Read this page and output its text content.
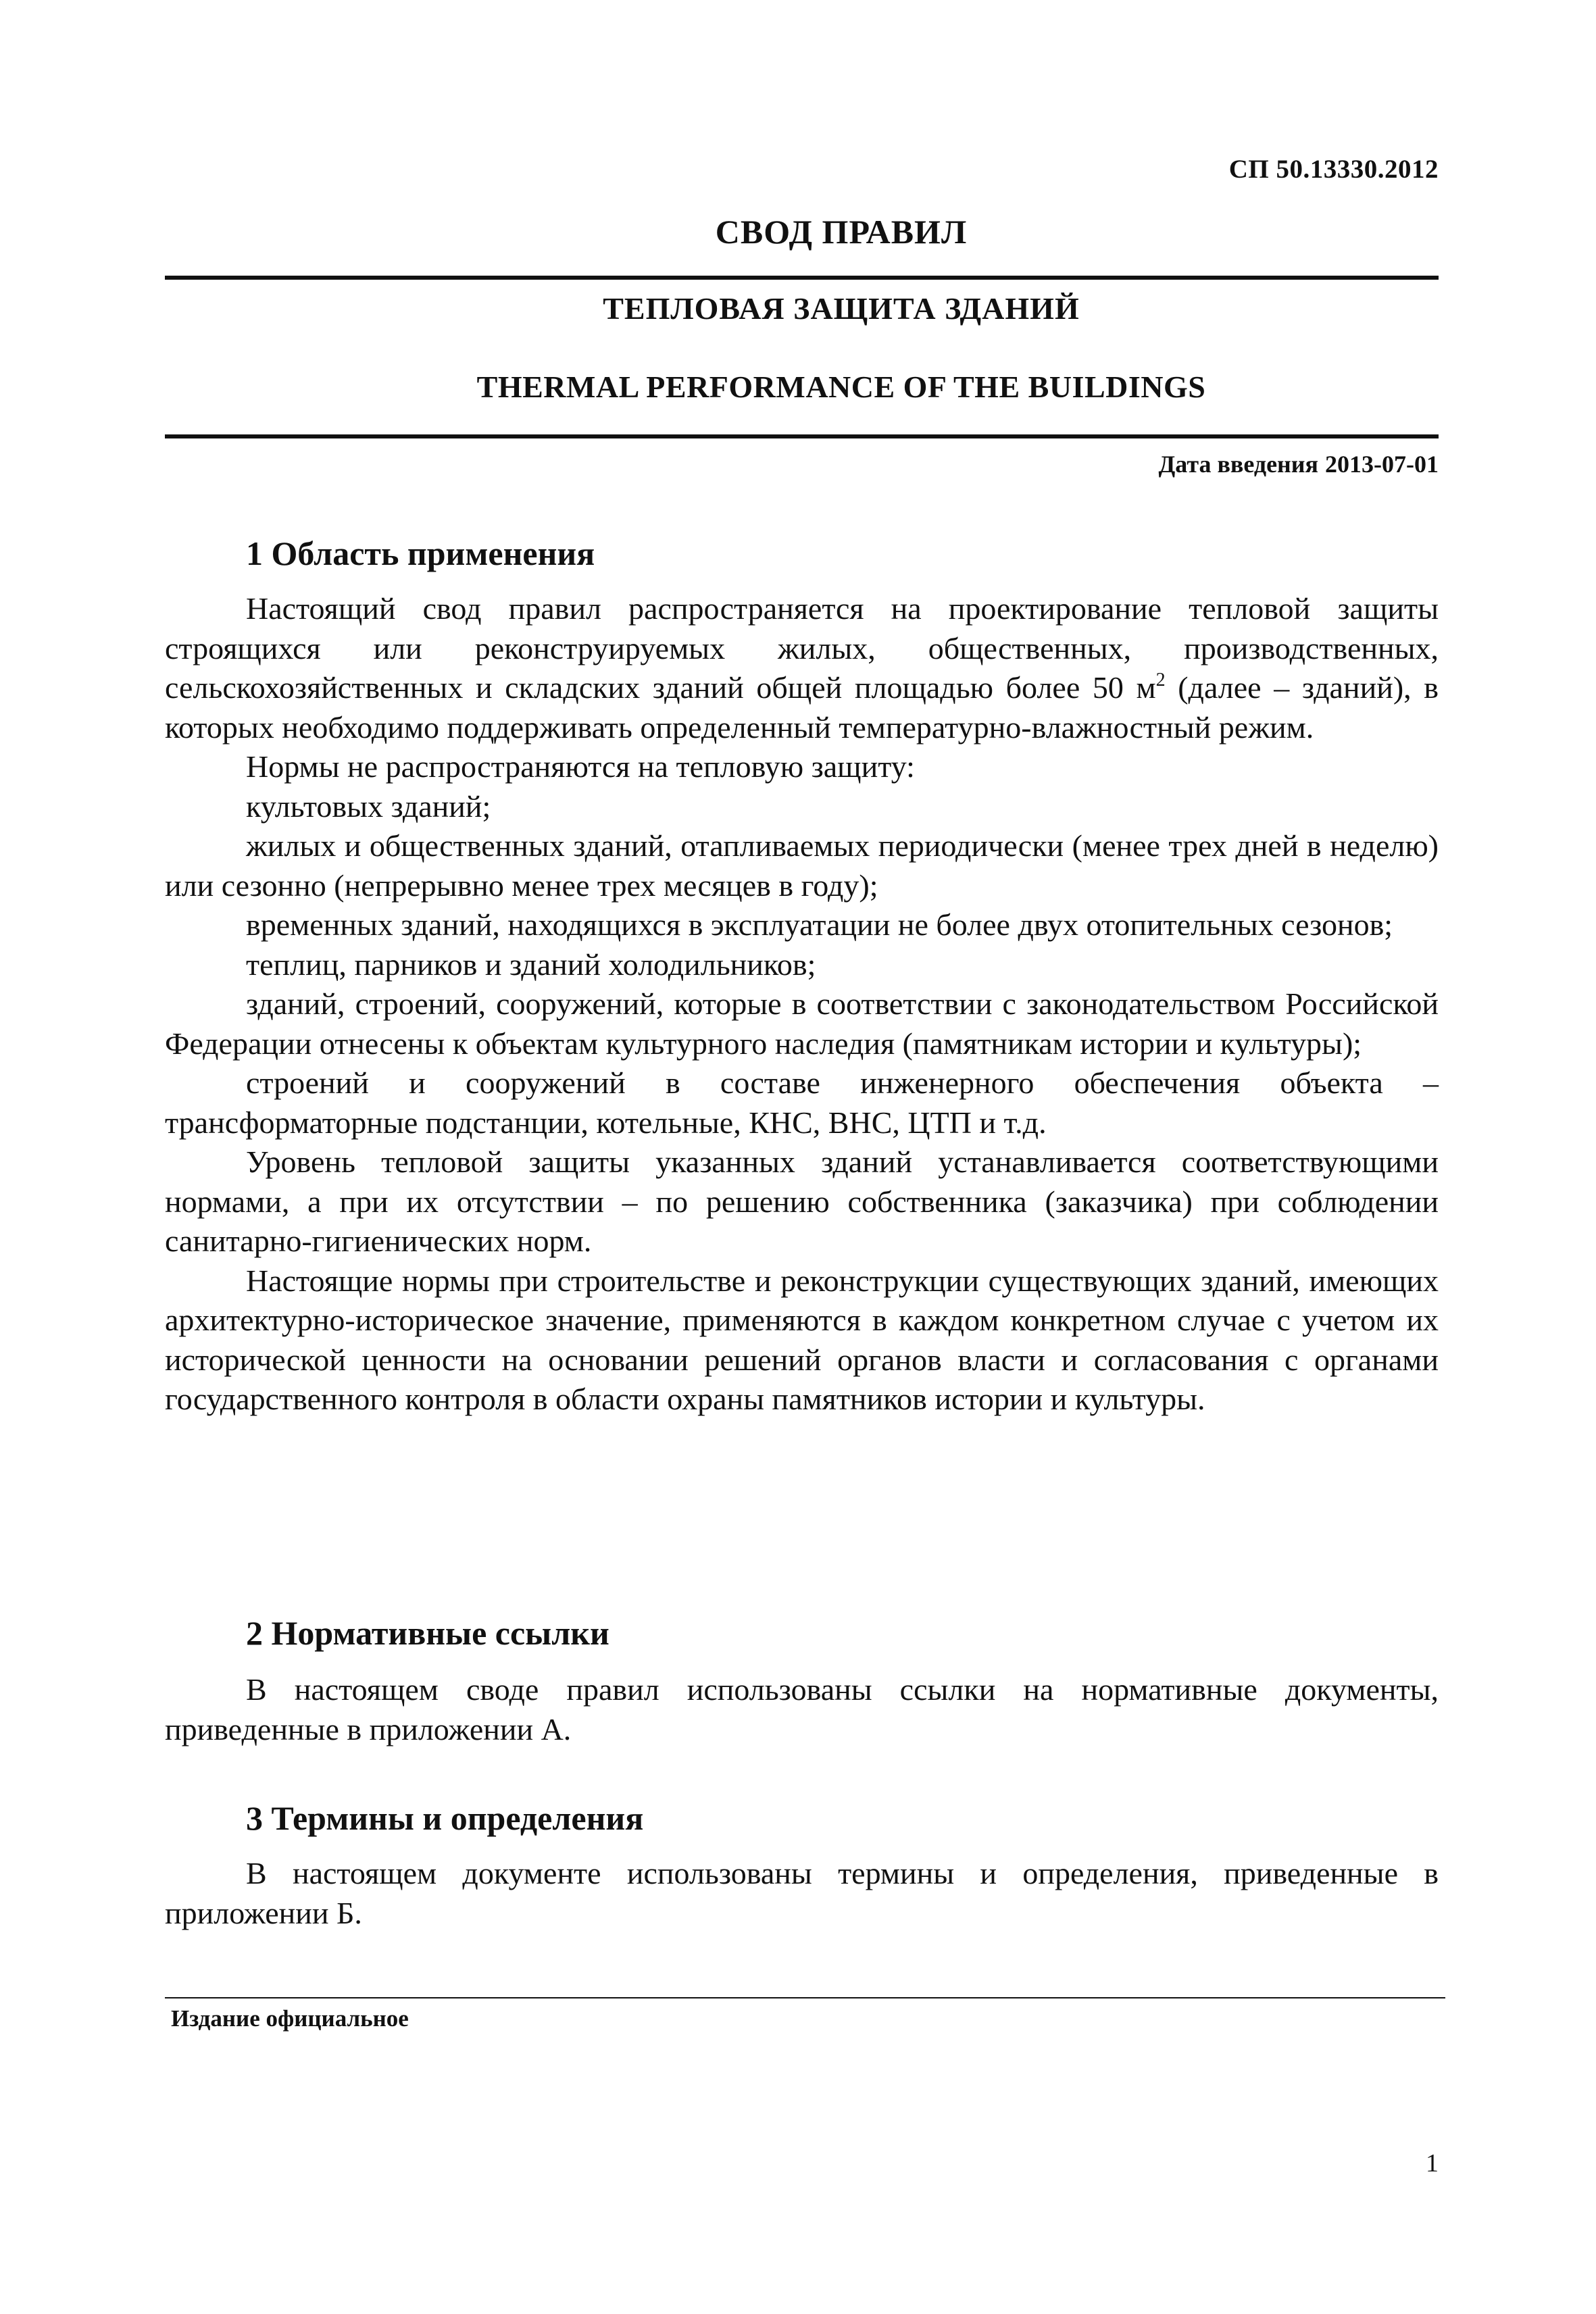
СП 50.13330.2012
СВОД ПРАВИЛ
ТЕПЛОВАЯ ЗАЩИТА ЗДАНИЙ
THERMAL PERFORMANCE OF THE BUILDINGS
Дата введения 2013-07-01
1 Область применения

Настоящий свод правил распространяется на проектирование тепловой защиты строящихся или реконструируемых жилых, общественных, производственных, сельскохозяйственных и складских зданий общей площадью более 50 $м^2$ (далее – зданий), в которых необходимо поддерживать определенный температурно-влажностный режим.

Нормы не распространяются на тепловую защиту:

культовых зданий;

жилых и общественных зданий, отапливаемых периодически (менее трех дней в неделю) или сезонно (непрерывно менее трех месяцев в году);

временных зданий, находящихся в эксплуатации не более двух отопительных сезонов;

теплиц, парников и зданий холодильников;

зданий, строений, сооружений, которые в соответствии с законодательством Российской Федерации отнесены к объектам культурного наследия (памятникам истории и культуры);

строений и сооружений в составе инженерного обеспечения объекта – трансформаторные подстанции, котельные, КНС, ВНС, ЦТП и т.д.

Уровень тепловой защиты указанных зданий устанавливается соответствующими нормами, а при их отсутствии – по решению собственника (заказчика) при соблюдении санитарно-гигиенических норм.

Настоящие нормы при строительстве и реконструкции существующих зданий, имеющих архитектурно-историческое значение, применяются в каждом конкретном случае с учетом их исторической ценности на основании решений органов власти и согласования с органами государственного контроля в области охраны памятников истории и культуры.

2 Нормативные ссылки

В настоящем своде правил использованы ссылки на нормативные документы, приведенные в приложении А.

3 Термины и определения

В настоящем документе использованы термины и определения, приведенные в приложении Б.

Издание официальное
1
